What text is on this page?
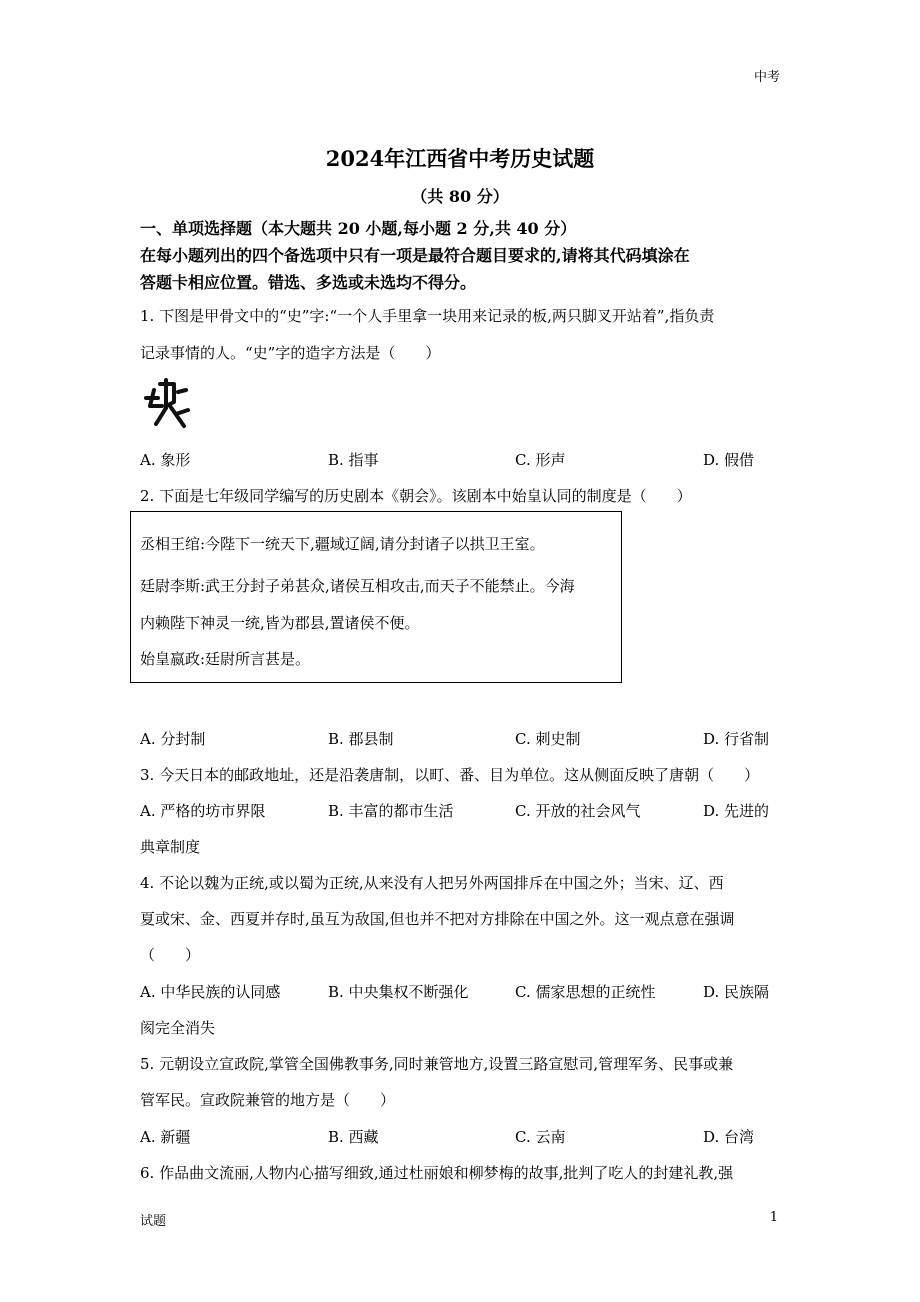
中考
2024年江西省中考历史试题
（共 80 分）
一、单项选择题（本大题共 20 小题,每小题 2 分,共 40 分）
在每小题列出的四个备选项中只有一项是最符合题目要求的,请将其代码填涂在
答题卡相应位置。错选、多选或未选均不得分。
1. 下图是甲骨文中的“史”字:“一个人手里拿一块用来记录的板,两只脚叉开站着”,指负责
记录事情的人。“史”字的造字方法是（　　）
A. 象形	B. 指事	C. 形声	D. 假借
2. 下面是七年级同学编写的历史剧本《朝会》。该剧本中始皇认同的制度是（　　）
丞相王绾:今陛下一统天下,疆域辽阔,请分封诸子以拱卫王室。
廷尉李斯:武王分封子弟甚众,诸侯互相攻击,而天子不能禁止。今海
内赖陛下神灵一统,皆为郡县,置诸侯不便。
始皇嬴政:廷尉所言甚是。
A. 分封制	B. 郡县制	C. 刺史制	D. 行省制
3. 今天日本的邮政地址，还是沿袭唐制，以町、番、目为单位。这从侧面反映了唐朝（　　）
A. 严格的坊市界限	B. 丰富的都市生活	C. 开放的社会风气	D. 先进的
典章制度
4. 不论以魏为正统,或以蜀为正统,从来没有人把另外两国排斥在中国之外；当宋、辽、西
夏或宋、金、西夏并存时,虽互为敌国,但也并不把对方排除在中国之外。这一观点意在强调
（　　）
A. 中华民族的认同感	B. 中央集权不断强化	C. 儒家思想的正统性	D. 民族隔
阂完全消失
5. 元朝设立宣政院,掌管全国佛教事务,同时兼管地方,设置三路宣慰司,管理军务、民事或兼
管军民。宣政院兼管的地方是（　　）
A. 新疆	B. 西藏	C. 云南	D. 台湾
6. 作品曲文流丽,人物内心描写细致,通过杜丽娘和柳梦梅的故事,批判了吃人的封建礼教,强
试题	1
